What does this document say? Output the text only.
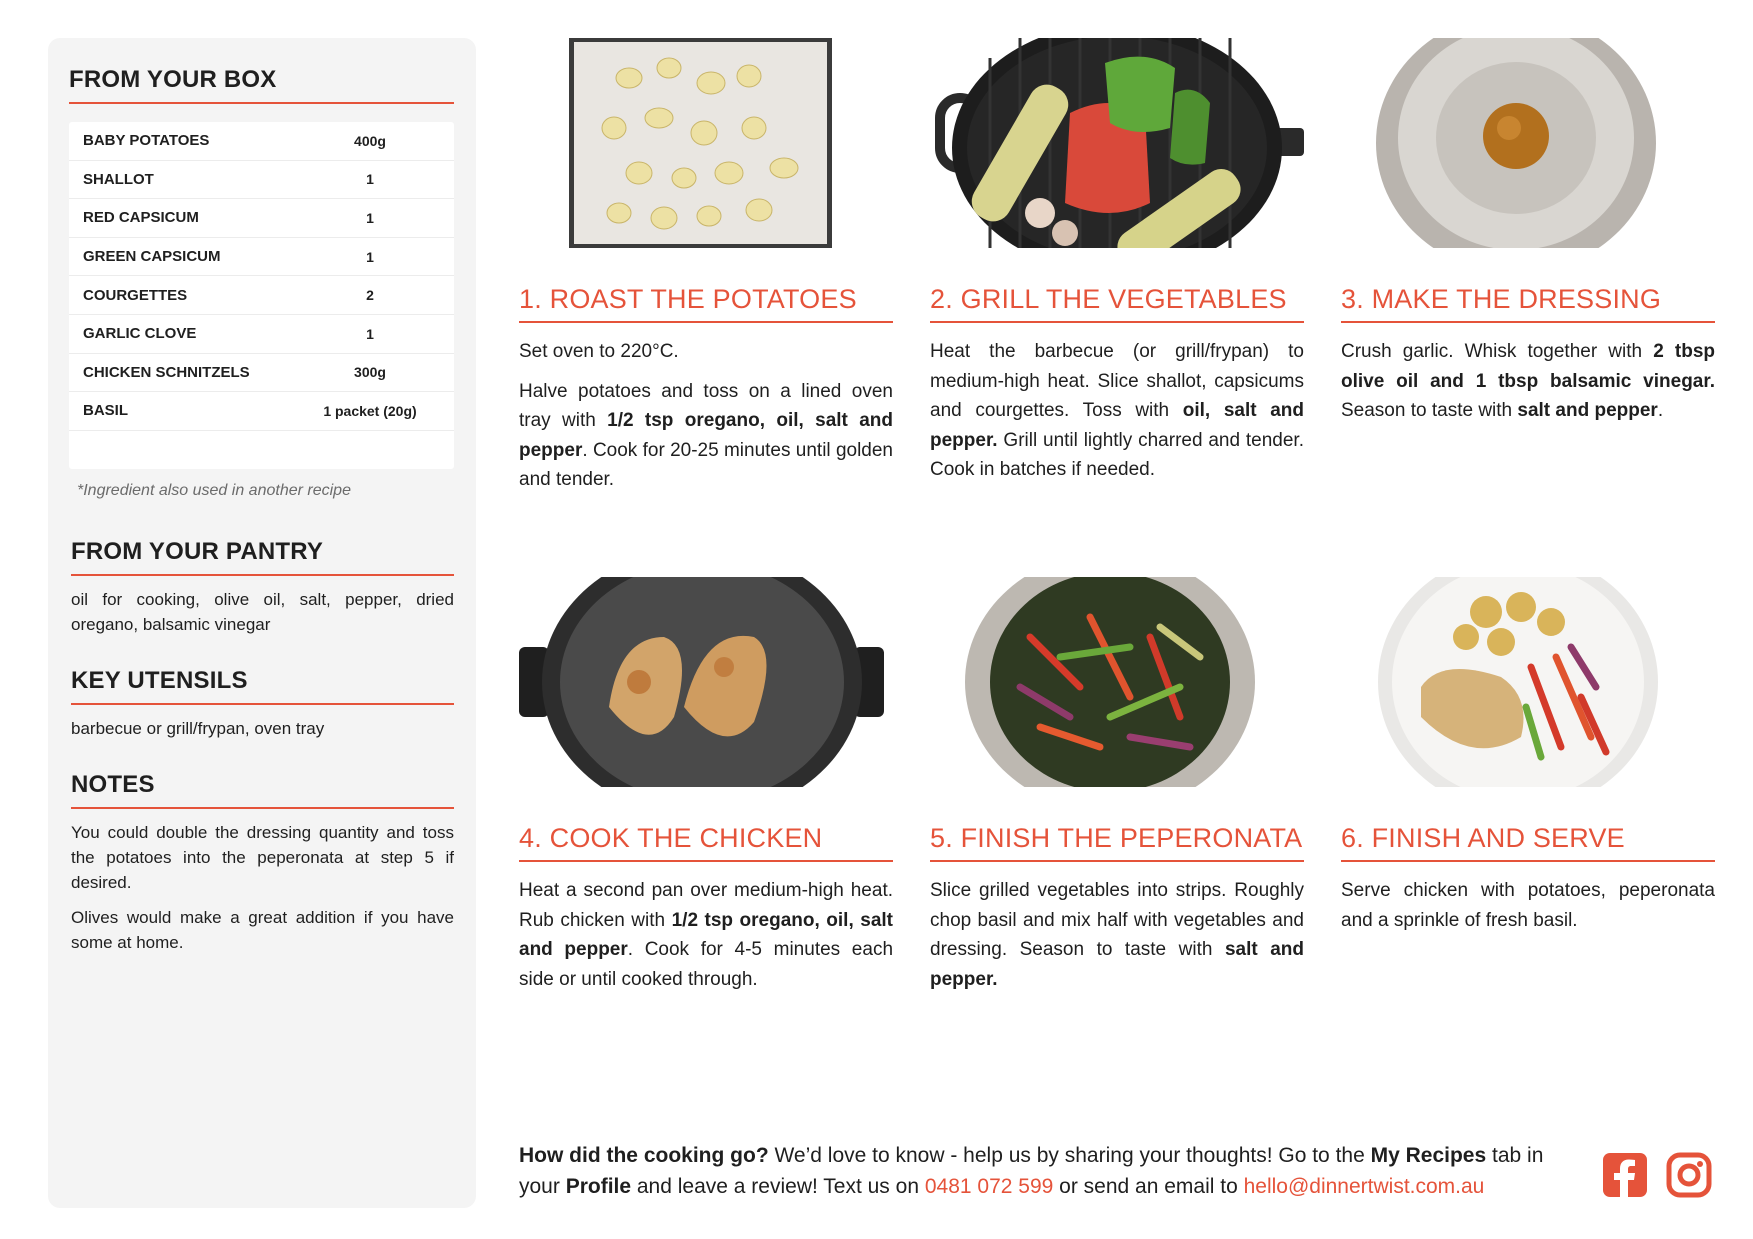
FROM YOUR BOX
BABY POTATOES	400g
SHALLOT	1
RED CAPSICUM	1
GREEN CAPSICUM	1
COURGETTES	2
GARLIC CLOVE	1
CHICKEN SCHNITZELS	300g
BASIL	1 packet (20g)
*Ingredient also used in another recipe
FROM YOUR PANTRY

oil for cooking, olive oil, salt, pepper, dried oregano, balsamic vinegar

KEY UTENSILS

barbecue or grill/frypan, oven tray

NOTES

You could double the dressing quantity and toss the potatoes into the peperonata at step 5 if desired.

Olives would make a great addition if you have some at home.

1. ROAST THE POTATOES

Set oven to 220°C.

Halve potatoes and toss on a lined oven tray with 1/2 tsp oregano, oil, salt and pepper. Cook for 20-25 minutes until golden and tender.

2. GRILL THE VEGETABLES

Heat the barbecue (or grill/frypan) to medium-high heat. Slice shallot, capsicums and courgettes. Toss with oil, salt and pepper. Grill until lightly charred and tender. Cook in batches if needed.

3. MAKE THE DRESSING

Crush garlic. Whisk together with 2 tbsp olive oil and 1 tbsp balsamic vinegar. Season to taste with salt and pepper.

4. COOK THE CHICKEN

Heat a second pan over medium-high heat. Rub chicken with 1/2 tsp oregano, oil, salt and pepper. Cook for 4-5 minutes each side or until cooked through.

5. FINISH THE PEPERONATA

Slice grilled vegetables into strips. Roughly chop basil and mix half with vegetables and dressing. Season to taste with salt and pepper.

6. FINISH AND SERVE

Serve chicken with potatoes, peperonata and a sprinkle of fresh basil.

How did the cooking go? We’d love to know - help us by sharing your thoughts! Go to the My Recipes tab in your Profile and leave a review! Text us on 0481 072 599 or send an email to hello@dinnertwist.com.au
